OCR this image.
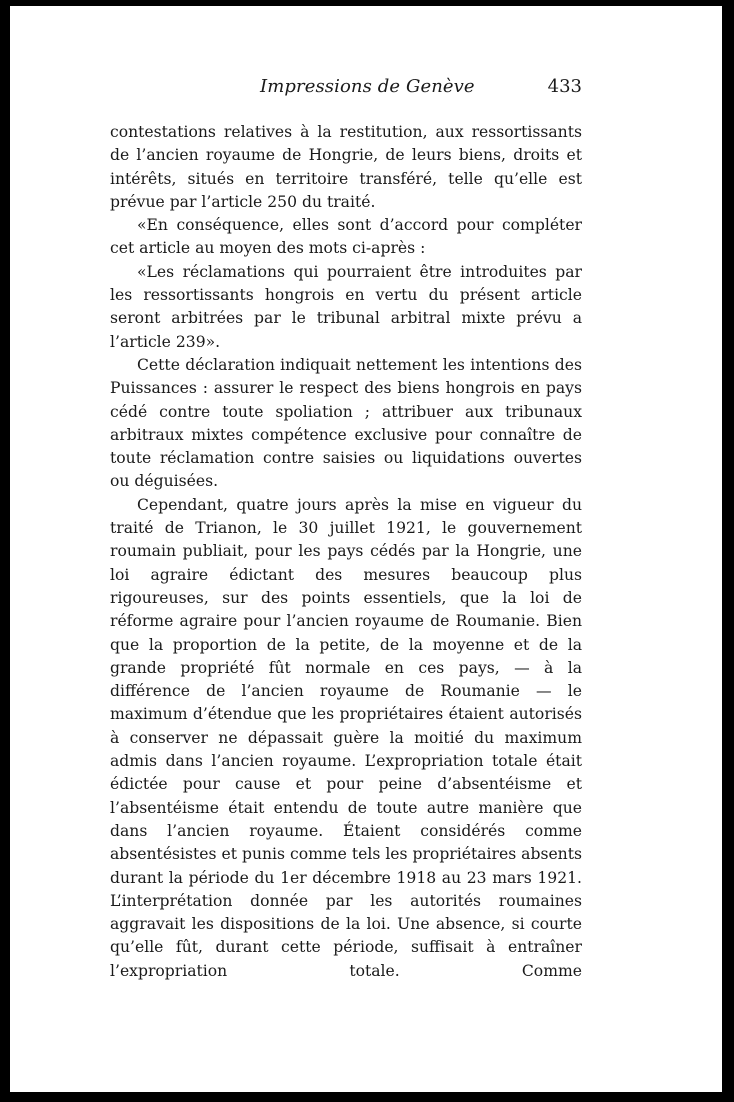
Impressions de Genève	433

contestations relatives à la restitution, aux ressortissants de l’ancien royaume de Hongrie, de leurs biens, droits et intérêts, situés en territoire transféré, telle qu’elle est prévue par l’article 250 du traité.

«En conséquence, elles sont d’accord pour compléter cet article au moyen des mots ci-après :

«Les réclamations qui pourraient être introduites par les ressortissants hongrois en vertu du présent article seront arbitrées par le tribunal arbitral mixte prévu a l’article 239».

Cette déclaration indiquait nettement les intentions des Puissances : assurer le respect des biens hongrois en pays cédé contre toute spoliation ; attribuer aux tribunaux arbitraux mixtes compétence exclusive pour connaître de toute réclamation contre saisies ou liquidations ouvertes ou déguisées.

Cependant, quatre jours après la mise en vigueur du traité de Trianon, le 30 juillet 1921, le gouvernement roumain publiait, pour les pays cédés par la Hongrie, une loi agraire édictant des mesures beaucoup plus rigoureuses, sur des points essentiels, que la loi de réforme agraire pour l’ancien royaume de Roumanie. Bien que la proportion de la petite, de la moyenne et de la grande propriété fût normale en ces pays, — à la différence de l’ancien royaume de Roumanie — le maximum d’étendue que les propriétaires étaient autorisés à conserver ne dépassait guère la moitié du maximum admis dans l’ancien royaume. L’expropriation totale était édictée pour cause et pour peine d’absentéisme et l’absentéisme était entendu de toute autre manière que dans l’ancien royaume. Étaient considérés comme absentésistes et punis comme tels les propriétaires absents durant la période du 1er décembre 1918 au 23 mars 1921. L’interprétation donnée par les autorités roumaines aggravait les dispositions de la loi. Une absence, si courte qu’elle fût, durant cette période, suffisait à entraîner l’expropriation totale. Comme
